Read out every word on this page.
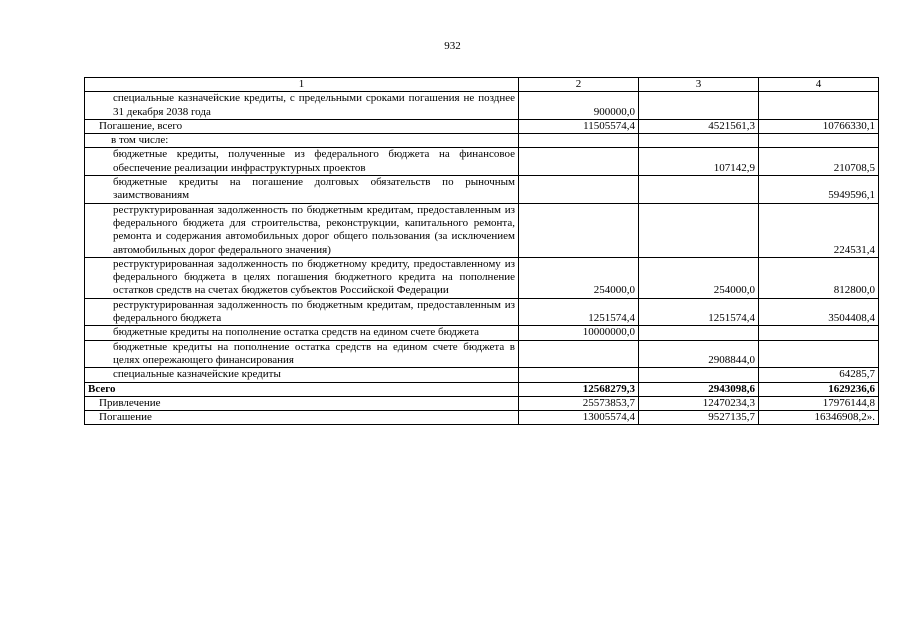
932
1	2	3	4
специальные казначейские кредиты, с предельными сроками погашения не позднее 31 декабря 2038 года	900000,0		
Погашение, всего	11505574,4	4521561,3	10766330,1
в том числе:			
бюджетные кредиты, полученные из федерального бюджета на финансовое обеспечение реализации инфраструктурных проектов		107142,9	210708,5
бюджетные кредиты на погашение долговых обязательств по рыночным заимствованиям			5949596,1
реструктурированная задолженность по бюджетным кредитам, предоставленным из федерального бюджета для строительства, реконструкции, капитального ремонта, ремонта и содержания автомобильных дорог общего пользования (за исключением автомобильных дорог федерального значения)			224531,4
реструктурированная задолженность по бюджетному кредиту, предоставленному из федерального бюджета в целях погашения бюджетного кредита на пополнение остатков средств на счетах бюджетов субъектов Российской Федерации	254000,0	254000,0	812800,0
реструктурированная задолженность по бюджетным кредитам, предоставленным из федерального бюджета	1251574,4	1251574,4	3504408,4
бюджетные кредиты на пополнение остатка средств на едином счете бюджета	10000000,0		
бюджетные кредиты на пополнение остатка средств на едином счете бюджета в целях опережающего финансирования		2908844,0	
специальные казначейские кредиты			64285,7
Всего	12568279,3	2943098,6	1629236,6
Привлечение	25573853,7	12470234,3	17976144,8
Погашение	13005574,4	9527135,7	16346908,2».
